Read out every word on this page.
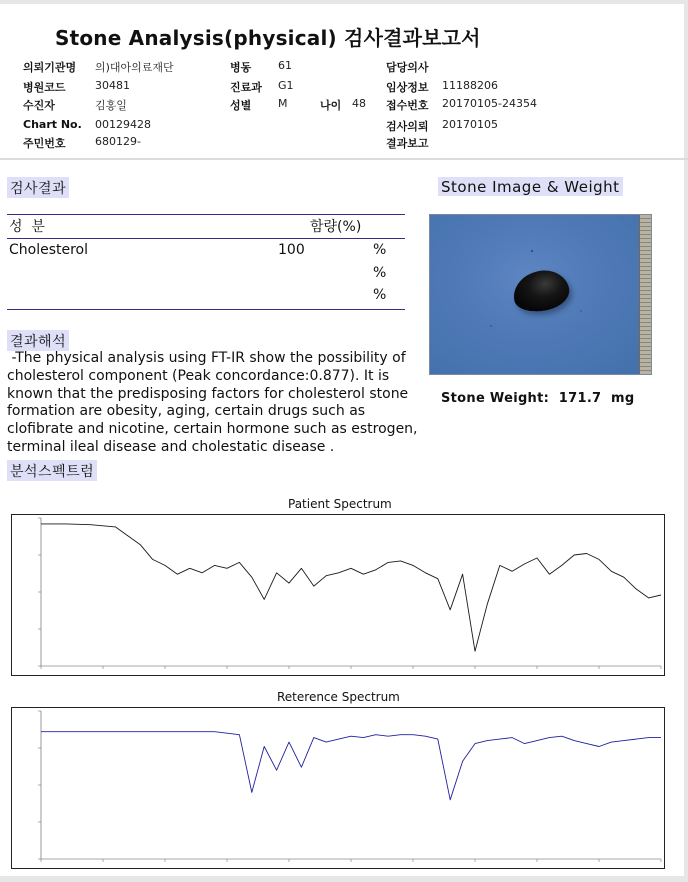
Stone Analysis(physical) 검사결과보고서
의뢰기관명 의)대아의료재단
병원코드	30481
수진자	김홍일
Chart No. 00129428
주민번호	680129-
병동 61
진료과 G1
성별 M	나이 48
담당의사
임상정보 11188206
접수번호 20170105-24354
검사의뢰 20170105
결과보고
검사결과
성  분	함량(%)
Cholesterol	100	%
%
%
Stone Image & Weight
Stone Weight:  171.7  mg
결과해석
-The physical analysis using FT-IR show the possibility of cholesterol component (Peak concordance:0.877). It is known that the predisposing factors for cholesterol stone formation are obesity, aging, certain drugs such as clofibrate and nicotine, certain hormone such as estrogen, terminal ileal disease and cholestatic disease .
분석스펙트럼
Patient Spectrum
Reterence Spectrum
